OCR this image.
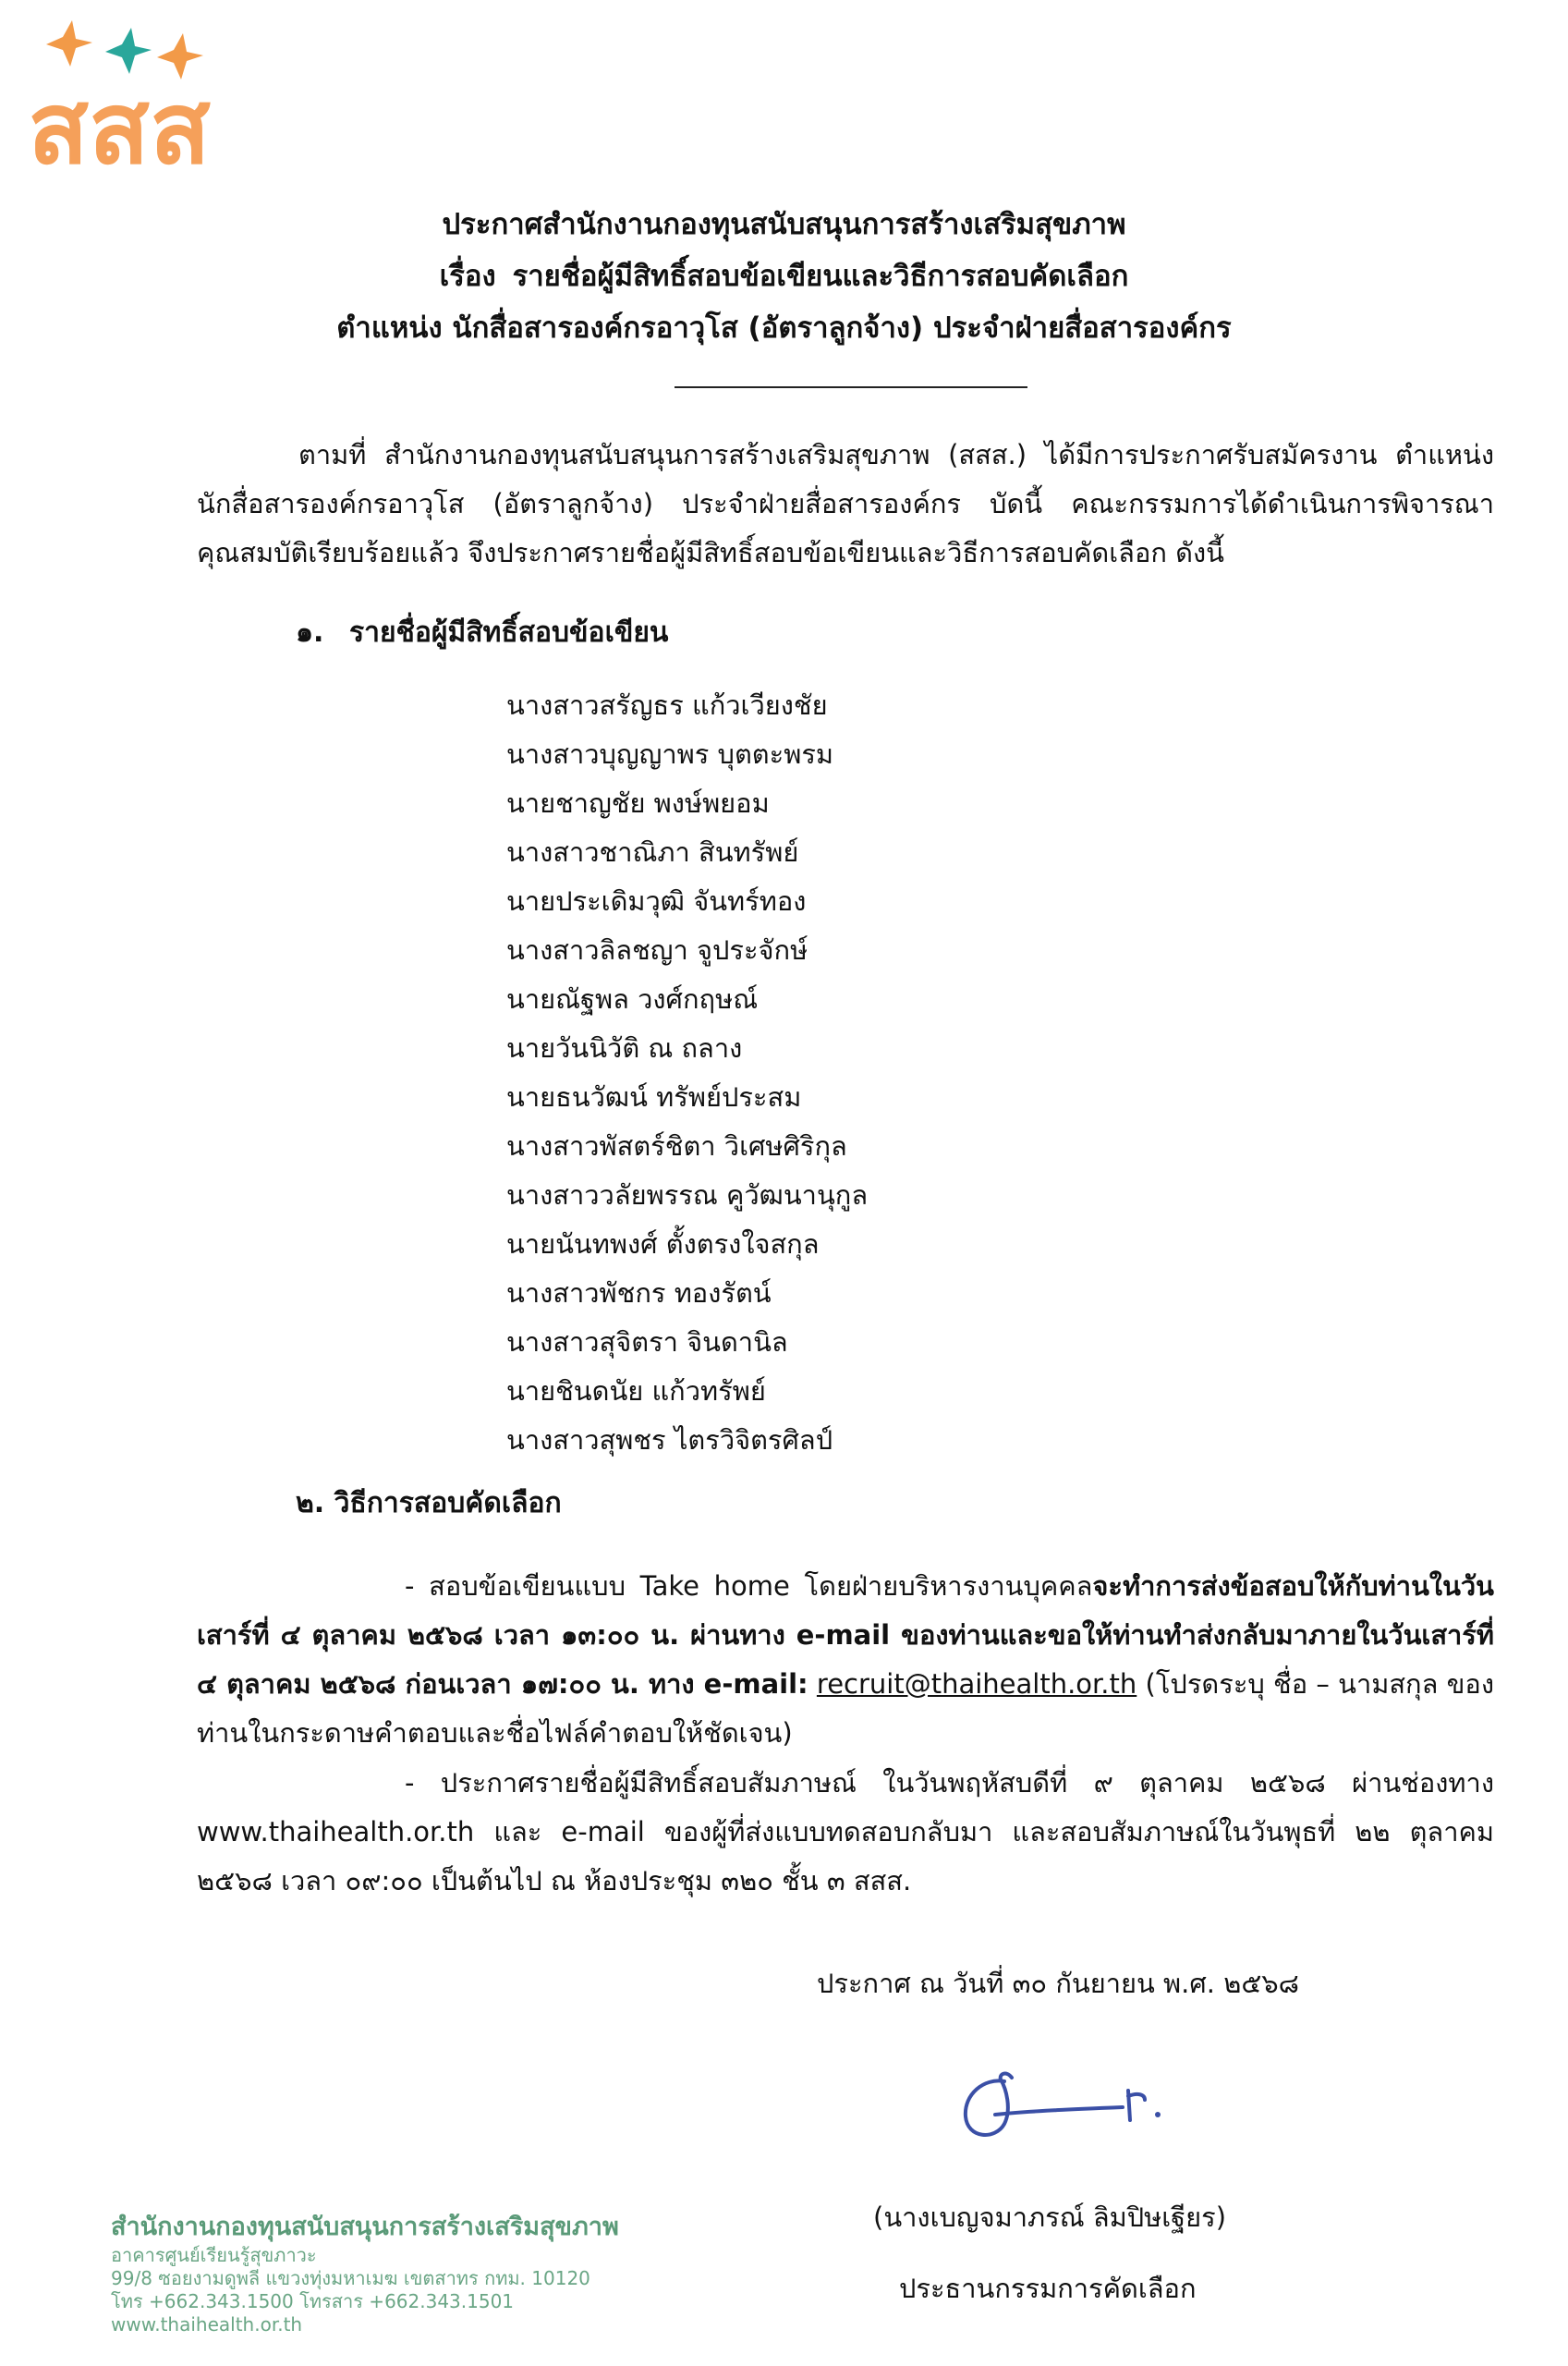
สสส
ประกาศสำนักงานกองทุนสนับสนุนการสร้างเสริมสุขภาพ
เรื่อง รายชื่อผู้มีสิทธิ์สอบข้อเขียนและวิธีการสอบคัดเลือก
ตำแหน่ง นักสื่อสารองค์กรอาวุโส (อัตราลูกจ้าง) ประจำฝ่ายสื่อสารองค์กร
ตามที่ สำนักงานกองทุนสนับสนุนการสร้างเสริมสุขภาพ (สสส.) ได้มีการประกาศรับสมัครงาน ตำแหน่ง นักสื่อสารองค์กรอาวุโส (อัตราลูกจ้าง) ประจำฝ่ายสื่อสารองค์กร บัดนี้ คณะกรรมการได้ดำเนินการพิจารณาคุณสมบัติเรียบร้อยแล้ว จึงประกาศรายชื่อผู้มีสิทธิ์สอบข้อเขียนและวิธีการสอบคัดเลือก ดังนี้
๑. รายชื่อผู้มีสิทธิ์สอบข้อเขียน
นางสาวสรัญธร แก้วเวียงชัย
นางสาวบุญญาพร บุตตะพรม
นายชาญชัย พงษ์พยอม
นางสาวชาณิภา สินทรัพย์
นายประเดิมวุฒิ จันทร์ทอง
นางสาวลิลชญา จูประจักษ์
นายณัฐพล วงศ์กฤษณ์
นายวันนิวัติ ณ ถลาง
นายธนวัฒน์ ทรัพย์ประสม
นางสาวพัสตร์ชิตา วิเศษศิริกุล
นางสาววลัยพรรณ คูวัฒนานุกูล
นายนันทพงศ์ ตั้งตรงใจสกุล
นางสาวพัชกร ทองรัตน์
นางสาวสุจิตรา จินดานิล
นายชินดนัย แก้วทรัพย์
นางสาวสุพชร ไตรวิจิตรศิลป์
๒. วิธีการสอบคัดเลือก
- สอบข้อเขียนแบบ Take home โดยฝ่ายบริหารงานบุคคลจะทำการส่งข้อสอบให้กับท่านในวันเสาร์ที่ ๔ ตุลาคม ๒๕๖๘ เวลา ๑๓:๐๐ น. ผ่านทาง e-mail ของท่านและขอให้ท่านทำส่งกลับมาภายในวันเสาร์ที่ ๔ ตุลาคม ๒๕๖๘ ก่อนเวลา ๑๗:๐๐ น. ทาง e-mail: recruit@thaihealth.or.th (โปรดระบุ ชื่อ – นามสกุล ของท่านในกระดาษคำตอบและชื่อไฟล์คำตอบให้ชัดเจน)
- ประกาศรายชื่อผู้มีสิทธิ์สอบสัมภาษณ์ ในวันพฤหัสบดีที่ ๙ ตุลาคม ๒๕๖๘ ผ่านช่องทาง www.thaihealth.or.th และ e-mail ของผู้ที่ส่งแบบทดสอบกลับมา และสอบสัมภาษณ์ในวันพุธที่ ๒๒ ตุลาคม ๒๕๖๘ เวลา ๐๙:๐๐ เป็นต้นไป ณ ห้องประชุม ๓๒๐ ชั้น ๓ สสส.
ประกาศ ณ วันที่ ๓๐ กันยายน พ.ศ. ๒๕๖๘
(นางเบญจมาภรณ์ ลิมปิษเฐียร)
ประธานกรรมการคัดเลือก
สำนักงานกองทุนสนับสนุนการสร้างเสริมสุขภาพ
อาคารศูนย์เรียนรู้สุขภาวะ
99/8 ซอยงามดูพลี แขวงทุ่งมหาเมฆ เขตสาทร กทม. 10120
โทร +662.343.1500 โทรสาร +662.343.1501
www.thaihealth.or.th
